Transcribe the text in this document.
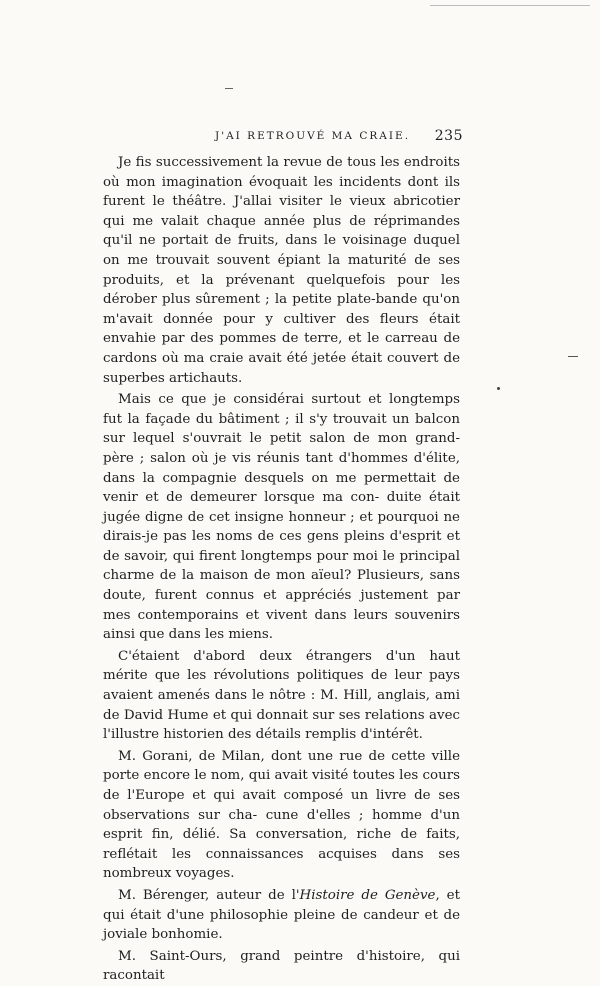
J'AI RETROUVÉ MA CRAIE. 235

Je fis successivement la revue de tous les endroits où mon imagination évoquait les incidents dont ils furent le théâtre. J'allai visiter le vieux abricotier qui me valait chaque année plus de réprimandes qu'il ne portait de fruits, dans le voisinage duquel on me trouvait souvent épiant la maturité de ses produits, et la prévenant quelquefois pour les dérober plus sûrement ; la petite plate-bande qu'on m'avait donnée pour y cultiver des fleurs était envahie par des pommes de terre, et le carreau de cardons où ma craie avait été jetée était couvert de superbes artichauts.

Mais ce que je considérai surtout et longtemps fut la façade du bâtiment ; il s'y trouvait un balcon sur lequel s'ouvrait le petit salon de mon grand-père ; salon où je vis réunis tant d'hommes d'élite, dans la compagnie desquels on me permettait de venir et de demeurer lorsque ma con- duite était jugée digne de cet insigne honneur ; et pourquoi ne dirais-je pas les noms de ces gens pleins d'esprit et de savoir, qui firent longtemps pour moi le principal charme de la maison de mon aïeul? Plusieurs, sans doute, furent connus et appréciés justement par mes contemporains et vivent dans leurs souvenirs ainsi que dans les miens.

C'étaient d'abord deux étrangers d'un haut mérite que les révolutions politiques de leur pays avaient amenés dans le nôtre : M. Hill, anglais, ami de David Hume et qui donnait sur ses relations avec l'illustre historien des détails remplis d'intérêt.

M. Gorani, de Milan, dont une rue de cette ville porte encore le nom, qui avait visité toutes les cours de l'Europe et qui avait composé un livre de ses observations sur cha- cune d'elles ; homme d'un esprit fin, délié. Sa conversation, riche de faits, reflétait les connaissances acquises dans ses nombreux voyages.

M. Bérenger, auteur de l'Histoire de Genève, et qui était d'une philosophie pleine de candeur et de joviale bonhomie.

M. Saint-Ours, grand peintre d'histoire, qui racontait
